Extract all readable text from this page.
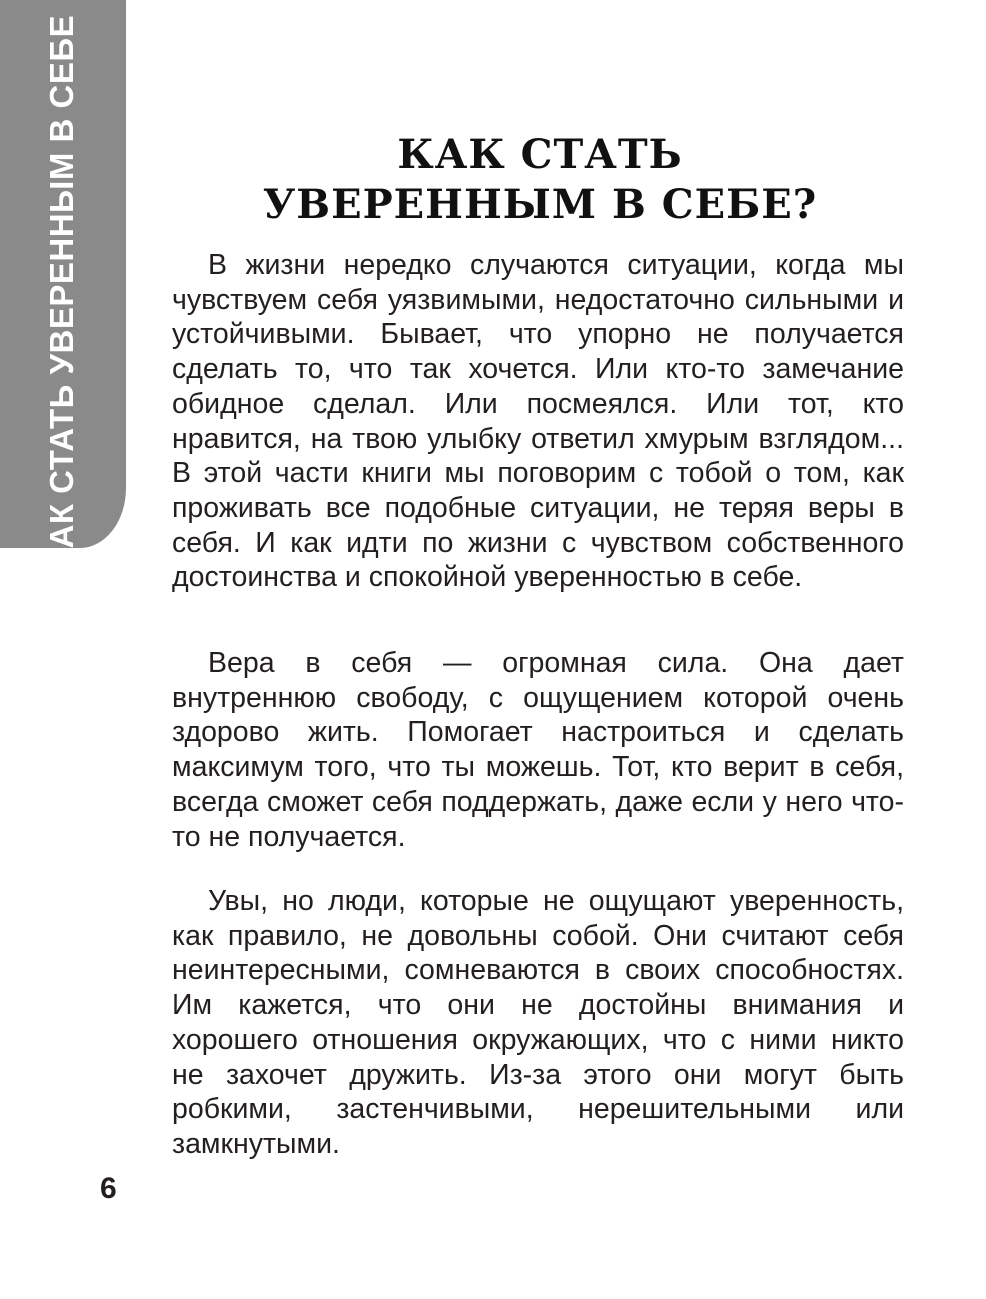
КАК СТАТЬ УВЕРЕННЫМ В СЕБЕ	КАК СТАТЬ
УВЕРЕННЫМ В СЕБЕ?

В жизни нередко случаются ситуации, когда мы чувствуем себя уязвимыми, недостаточно сильными и устойчивыми. Бывает, что упорно не получается сделать то, что так хочется. Или кто-то замечание обидное сделал. Или посмеялся. Или тот, кто нравится, на твою улыбку ответил хмурым взглядом... В этой части книги мы поговорим с тобой о том, как проживать все подобные ситуации, не теряя веры в себя. И как идти по жизни с чувством собственного достоинства и спокойной уверенностью в себе.

Вера в себя — огромная сила. Она дает внутреннюю свободу, с ощущением которой очень здорово жить. Помогает настроиться и сделать максимум того, что ты можешь. Тот, кто верит в себя, всегда сможет себя поддержать, даже если у него что-то не получается.

Увы, но люди, которые не ощущают уверенность, как правило, не довольны собой. Они считают себя неинтересными, сомневаются в своих способностях. Им кажется, что они не достойны внимания и хорошего отношения окружающих, что с ними никто не захочет дружить. Из-за этого они могут быть робкими, застенчивыми, нерешительными или замкнутыми.

6
